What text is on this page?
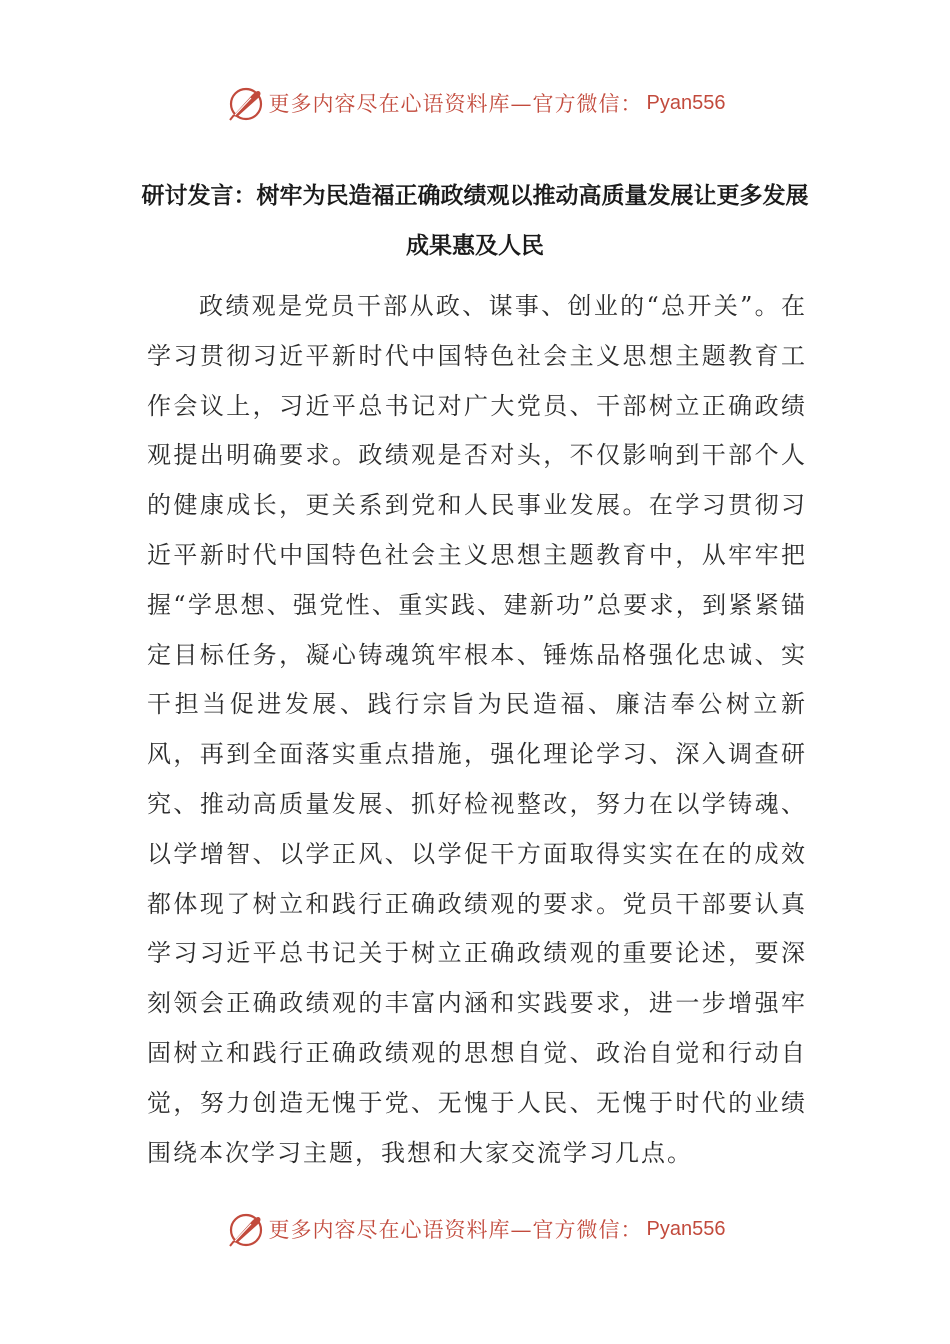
更多内容尽在心语资料库—官方微信： Pyan556
研讨发言：树牢为民造福正确政绩观以推动高质量发展让更多发展成果惠及人民

政绩观是党员干部从政、谋事、创业的“总开关”。在学习贯彻习近平新时代中国特色社会主义思想主题教育工作会议上，习近平总书记对广大党员、干部树立正确政绩观提出明确要求。政绩观是否对头，不仅影响到干部个人的健康成长，更关系到党和人民事业发展。在学习贯彻习近平新时代中国特色社会主义思想主题教育中，从牢牢把握“学思想、强党性、重实践、建新功”总要求，到紧紧锚定目标任务，凝心铸魂筑牢根本、锤炼品格强化忠诚、实干担当促进发展、践行宗旨为民造福、廉洁奉公树立新风，再到全面落实重点措施，强化理论学习、深入调查研究、推动高质量发展、抓好检视整改，努力在以学铸魂、以学增智、以学正风、以学促干方面取得实实在在的成效都体现了树立和践行正确政绩观的要求。党员干部要认真学习习近平总书记关于树立正确政绩观的重要论述，要深刻领会正确政绩观的丰富内涵和实践要求，进一步增强牢固树立和践行正确政绩观的思想自觉、政治自觉和行动自觉，努力创造无愧于党、无愧于人民、无愧于时代的业绩围绕本次学习主题，我想和大家交流学习几点。

更多内容尽在心语资料库—官方微信： Pyan556
